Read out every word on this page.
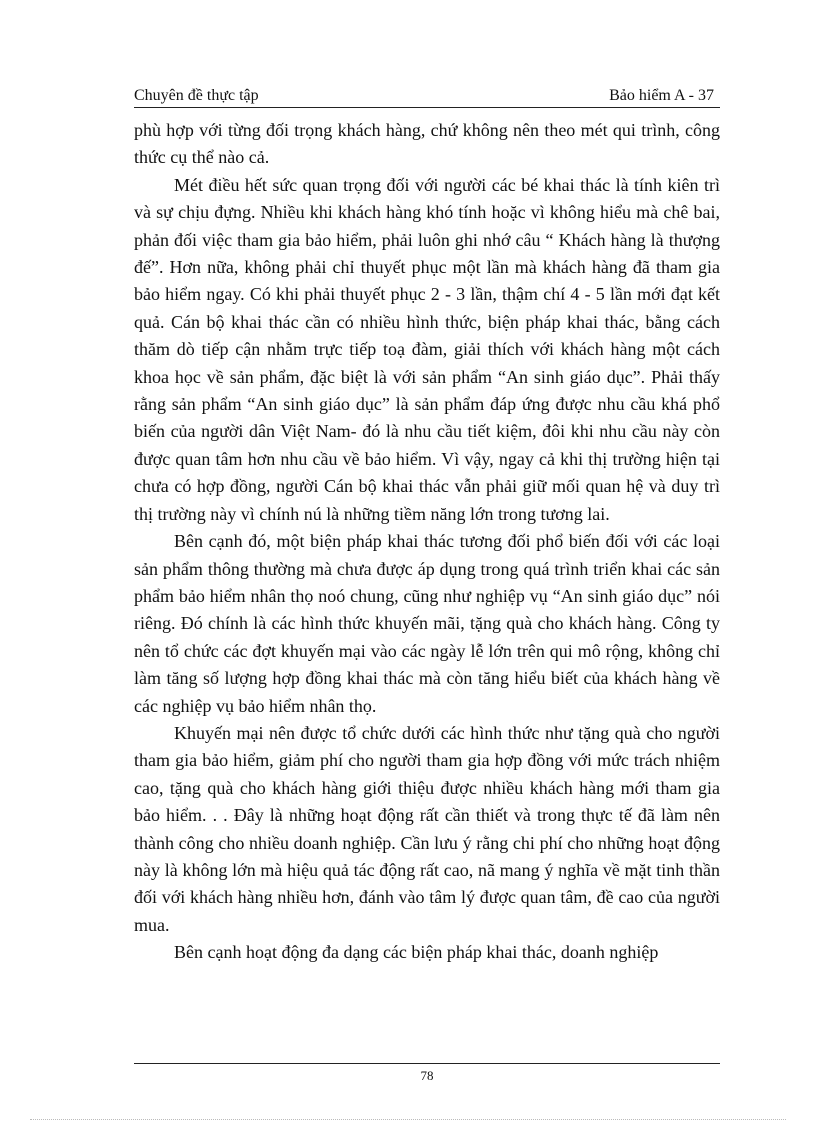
Chuyên đề thực tập	Bảo hiểm A - 37

phù hợp với từng đối trọng khách hàng, chứ không nên theo mét qui trình, công thức cụ thể nào cả.

Mét điều hết sức quan trọng đối với người các bé khai thác là tính kiên trì và sự chịu đựng. Nhiều khi khách hàng khó tính hoặc vì không hiểu mà chê bai, phản đối việc tham gia bảo hiểm, phải luôn ghi nhớ câu “ Khách hàng là thượng đế”. Hơn nữa, không phải chỉ thuyết phục một lần mà khách hàng đã tham gia bảo hiểm ngay. Có khi phải thuyết phục 2 - 3 lần, thậm chí 4 - 5 lần mới đạt kết quả. Cán bộ khai thác cần có nhiều hình thức, biện pháp khai thác, bằng cách thăm dò tiếp cận nhằm trực tiếp toạ đàm, giải thích với khách hàng một cách khoa học về sản phẩm, đặc biệt là với sản phẩm “An sinh giáo dục”. Phải thấy rằng sản phẩm “An sinh giáo dục” là sản phẩm đáp ứng được nhu cầu khá phổ biến của người dân Việt Nam- đó là nhu cầu tiết kiệm, đôi khi nhu cầu này còn được quan tâm hơn nhu cầu về bảo hiểm. Vì vậy, ngay cả khi thị trường hiện tại chưa có hợp đồng, người Cán bộ khai thác vẫn phải giữ mối quan hệ và duy trì thị trường này vì chính nú là những tiềm năng lớn trong tương lai.

Bên cạnh đó, một biện pháp khai thác tương đối phổ biến đối với các loại sản phẩm thông thường mà chưa được áp dụng trong quá trình triển khai các sản phẩm bảo hiểm nhân thọ noó chung, cũng như nghiệp vụ “An sinh giáo dục” nói riêng. Đó chính là các hình thức khuyến mãi, tặng quà cho khách hàng. Công ty nên tổ chức các đợt khuyến mại vào các ngày lễ lớn trên qui mô rộng, không chỉ làm tăng số lượng hợp đồng khai thác mà còn tăng hiểu biết của khách hàng về các nghiệp vụ bảo hiểm nhân thọ.

Khuyến mại nên được tổ chức dưới các hình thức như tặng quà cho người tham gia bảo hiểm, giảm phí cho người tham gia hợp đồng với mức trách nhiệm cao, tặng quà cho khách hàng giới thiệu được nhiều khách hàng mới tham gia bảo hiểm. . . Đây là những hoạt động rất cần thiết và trong thực tế đã làm nên thành công cho nhiều doanh nghiệp. Cần lưu ý rằng chi phí cho những hoạt động này là không lớn mà hiệu quả tác động rất cao, nã mang ý nghĩa về mặt tinh thần đối với khách hàng nhiều hơn, đánh vào tâm lý được quan tâm, đề cao của người mua.

Bên cạnh hoạt động đa dạng các biện pháp khai thác, doanh nghiệp

78
